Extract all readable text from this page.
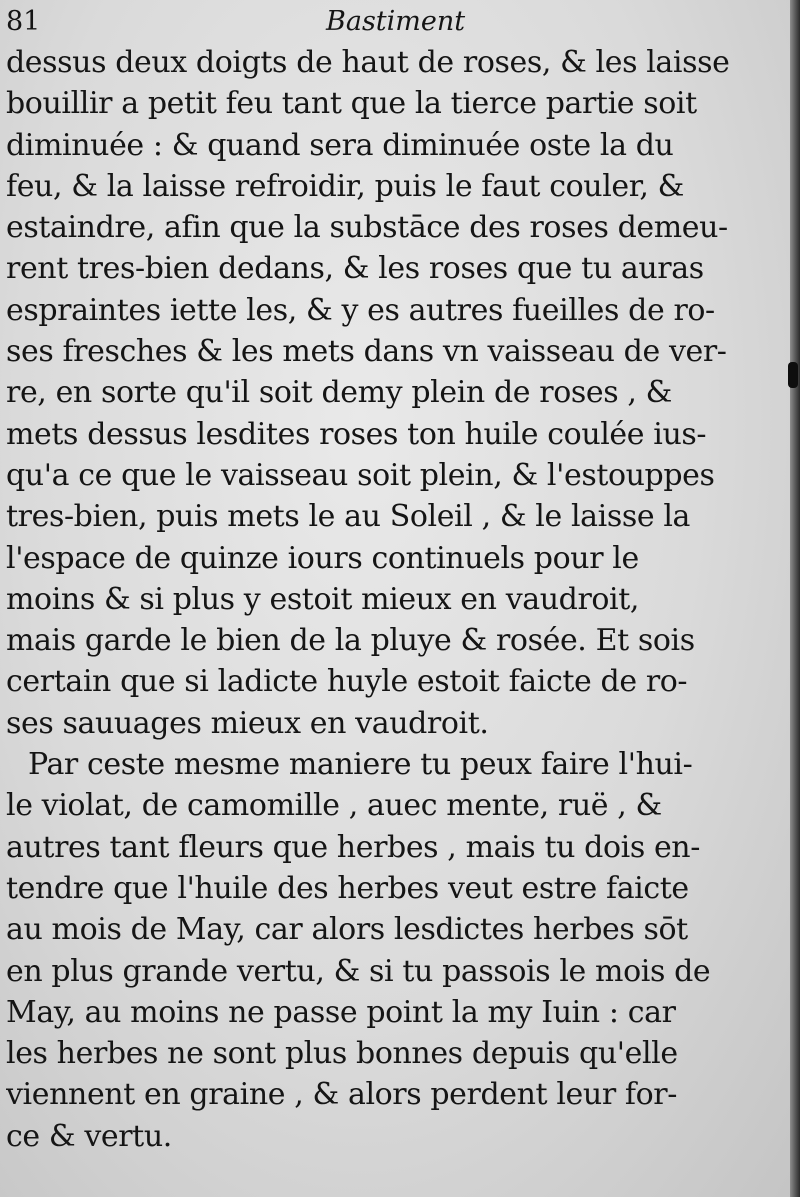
81	Bastiment
dessus deux doigts de haut de roses, & les laisse
bouillir a petit feu tant que la tierce partie soit
diminuée : & quand sera diminuée oste la du
feu, & la laisse refroidir, puis le faut couler, &
estaindre, afin que la substāce des roses demeu-
rent tres-bien dedans, & les roses que tu auras
espraintes iette les, & y es autres fueilles de ro-
ses fresches & les mets dans vn vaisseau de ver-
re, en sorte qu'il soit demy plein de roses , &
mets dessus lesdites roses ton huile coulée ius-
qu'a ce que le vaisseau soit plein, & l'estouppes
tres-bien, puis mets le au Soleil , & le laisse la
l'espace de quinze iours continuels pour le
moins & si plus y estoit mieux en vaudroit,
mais garde le bien de la pluye & rosée. Et sois
certain que si ladicte huyle estoit faicte de ro-
ses sauuages mieux en vaudroit.
Par ceste mesme maniere tu peux faire l'hui-
le violat, de camomille , auec mente, ruë , &
autres tant fleurs que herbes , mais tu dois en-
tendre que l'huile des herbes veut estre faicte
au mois de May, car alors lesdictes herbes sōt
en plus grande vertu, & si tu passois le mois de
May, au moins ne passe point la my Iuin : car
les herbes ne sont plus bonnes depuis qu'elle
viennent en graine , & alors perdent leur for-
ce & vertu.
